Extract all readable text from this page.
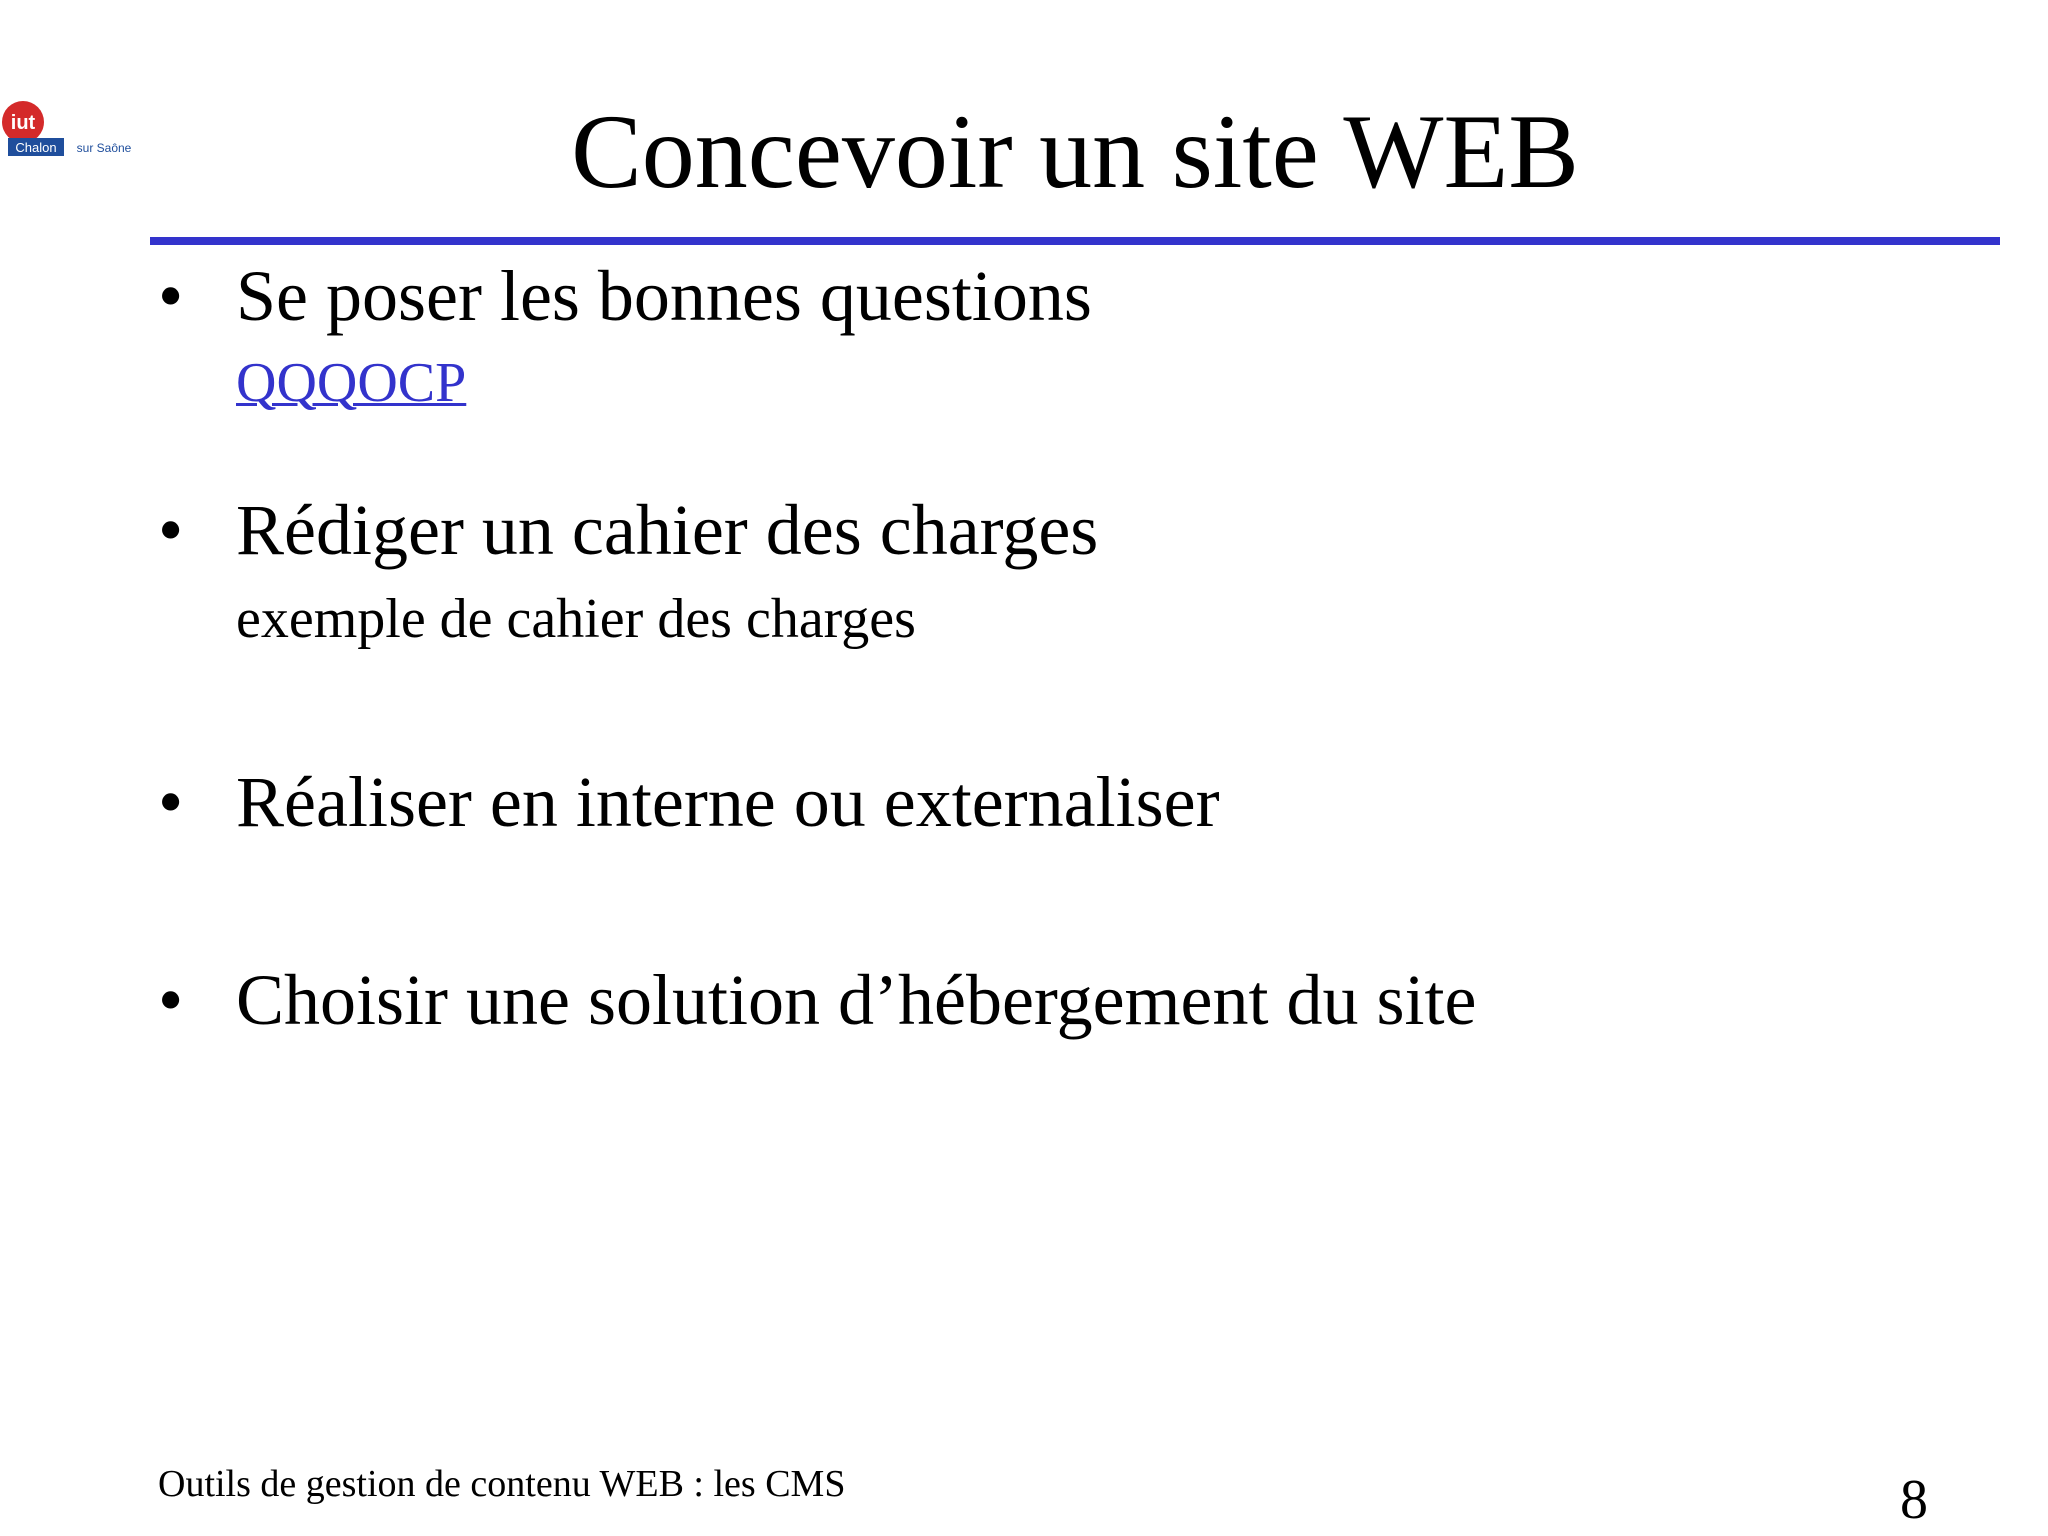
iut
Chalon sur Saône	Concevoir un site WEB
• Se poser les bonnes questions
QQQOCP
• Rédiger un cahier des charges
exemple de cahier des charges
• Réaliser en interne ou externaliser
• Choisir une solution d’hébergement du site
Outils de gestion de contenu WEB : les CMS	8
